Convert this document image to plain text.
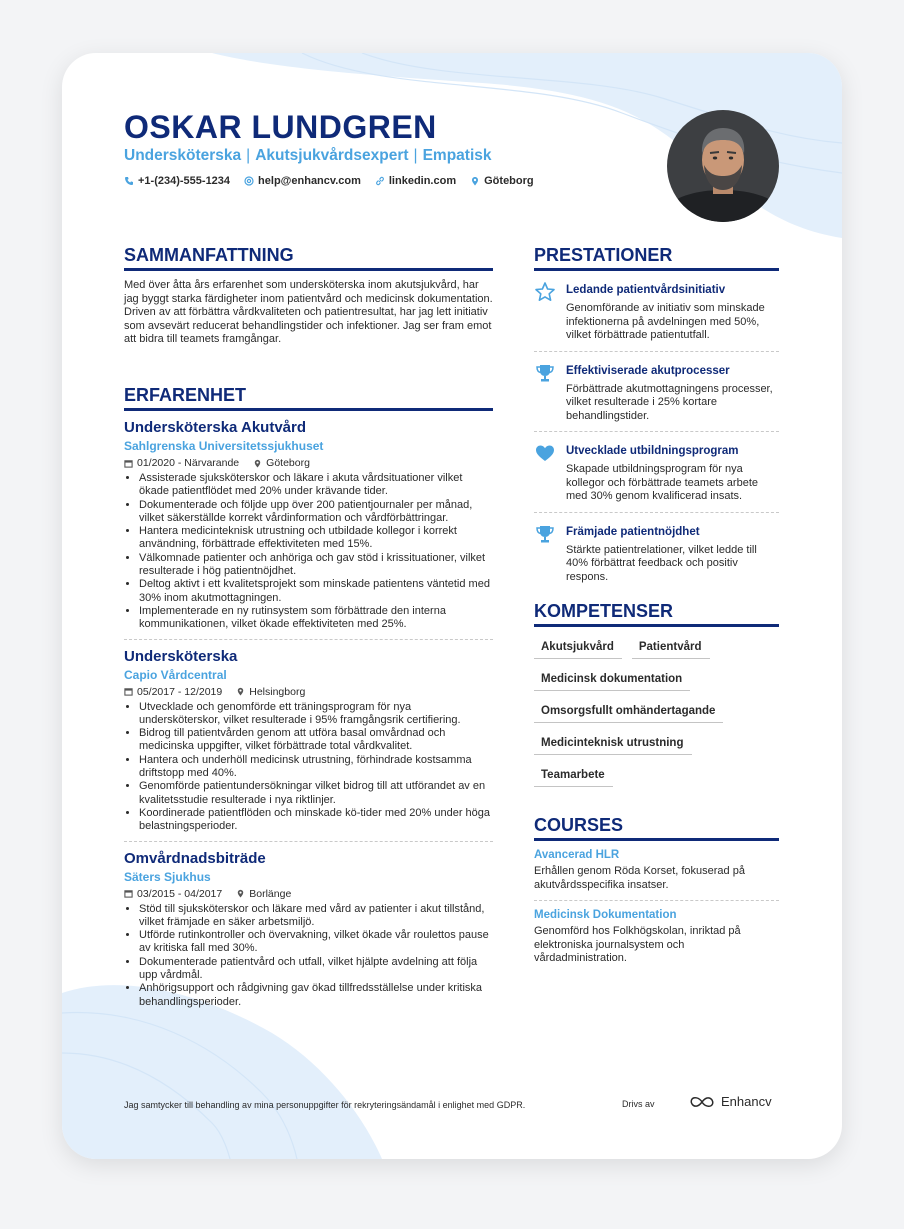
OSKAR LUNDGREN
Undersköterska | Akutsjukvårdsexpert | Empatisk
+1-(234)-555-1234	help@enhancv.com	linkedin.com	Göteborg
SAMMANFATTNING
Med över åtta års erfarenhet som undersköterska inom akutsjukvård, har jag byggt starka färdigheter inom patientvård och medicinsk dokumentation. Driven av att förbättra vårdkvaliteten och patientresultat, har jag lett initiativ som avsevärt reducerat behandlingstider och infektioner. Jag ser fram emot att bidra till teamets framgångar.
ERFARENHET
Undersköterska Akutvård
Sahlgrenska Universitetssjukhuset
01/2020 - Närvarande	Göteborg
• Assisterade sjuksköterskor och läkare i akuta vårdsituationer vilket ökade patientflödet med 20% under krävande tider.
• Dokumenterade och följde upp över 200 patientjournaler per månad, vilket säkerställde korrekt vårdinformation och vårdförbättringar.
• Hantera medicinteknisk utrustning och utbildade kollegor i korrekt användning, förbättrade effektiviteten med 15%.
• Välkomnade patienter och anhöriga och gav stöd i krissituationer, vilket resulterade i hög patientnöjdhet.
• Deltog aktivt i ett kvalitetsprojekt som minskade patientens väntetid med 30% inom akutmottagningen.
• Implementerade en ny rutinsystem som förbättrade den interna kommunikationen, vilket ökade effektiviteten med 25%.
Undersköterska
Capio Vårdcentral
05/2017 - 12/2019	Helsingborg
• Utvecklade och genomförde ett träningsprogram för nya undersköterskor, vilket resulterade i 95% framgångsrik certifiering.
• Bidrog till patientvården genom att utföra basal omvårdnad och medicinska uppgifter, vilket förbättrade total vårdkvalitet.
• Hantera och underhöll medicinsk utrustning, förhindrade kostsamma driftstopp med 40%.
• Genomförde patientundersökningar vilket bidrog till att utförandet av en kvalitetsstudie resulterade i nya riktlinjer.
• Koordinerade patientflöden och minskade kö-tider med 20% under höga belastningsperioder.
Omvårdnadsbiträde
Säters Sjukhus
03/2015 - 04/2017	Borlänge
• Stöd till sjuksköterskor och läkare med vård av patienter i akut tillstånd, vilket främjade en säker arbetsmiljö.
• Utförde rutinkontroller och övervakning, vilket ökade vår roulettos pause av kritiska fall med 30%.
• Dokumenterade patientvård och utfall, vilket hjälpte avdelning att följa upp vårdmål.
• Anhörigsupport och rådgivning gav ökad tillfredsställelse under kritiska behandlingsperioder.
PRESTATIONER
Ledande patientvårdsinitiativ
Genomförande av initiativ som minskade infektionerna på avdelningen med 50%, vilket förbättrade patientutfall.
Effektiviserade akutprocesser
Förbättrade akutmottagningens processer, vilket resulterade i 25% kortare behandlingstider.
Utvecklade utbildningsprogram
Skapade utbildningsprogram för nya kollegor och förbättrade teamets arbete med 30% genom kvalificerad insats.
Främjade patientnöjdhet
Stärkte patientrelationer, vilket ledde till 40% förbättrat feedback och positiv respons.
KOMPETENSER
Akutsjukvård	Patientvård
Medicinsk dokumentation
Omsorgsfullt omhändertagande
Medicinteknisk utrustning
Teamarbete
COURSES
Avancerad HLR
Erhållen genom Röda Korset, fokuserad på akutvårdsspecifika insatser.
Medicinsk Dokumentation
Genomförd hos Folkhögskolan, inriktad på elektroniska journalsystem och vårdadministration.
Jag samtycker till behandling av mina personuppgifter för rekryteringsändamål i enlighet med GDPR.	Drivs av	Enhancv
